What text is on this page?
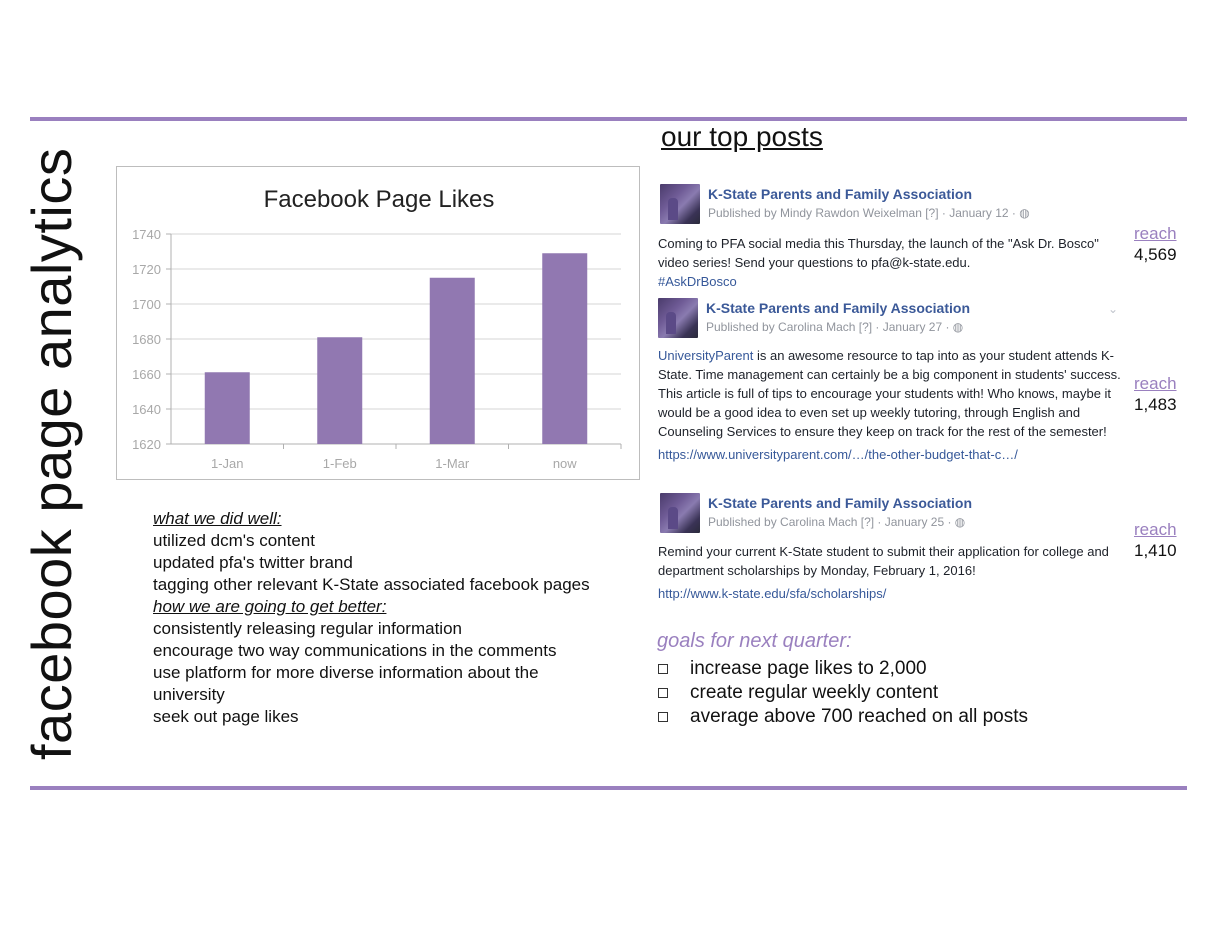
facebook page analytics	Facebook Page Likes
1620
1640
1660
1680
1700
1720
1740
1-Jan	1-Feb	1-Mar	now
what we did well:
utilized dcm's content
updated pfa's twitter brand
tagging other relevant K-State associated facebook pages
how we are going to get better:
consistently releasing regular information
encourage two way communications in the comments
use platform for more diverse information about the university
seek out page likes
our top posts
K-State Parents and Family Association
Published by Mindy Rawdon Weixelman [?] · January 12 · ◍
Coming to PFA social media this Thursday, the launch of the "Ask Dr. Bosco" video series! Send your questions to pfa@k-state.edu.
#AskDrBosco
reach
4,569
K-State Parents and Family Association
Published by Carolina Mach [?] · January 27 · ◍
⌄
UniversityParent is an awesome resource to tap into as your student attends K-State. Time management can certainly be a big component in students' success. This article is full of tips to encourage your students with! Who knows, maybe it would be a good idea to even set up weekly tutoring, through English and Counseling Services to ensure they keep on track for the rest of the semester!
https://www.universityparent.com/…/the-other-budget-that-c…/
reach
1,483
K-State Parents and Family Association
Published by Carolina Mach [?] · January 25 · ◍
Remind your current K-State student to submit their application for college and department scholarships by Monday, February 1, 2016!
http://www.k-state.edu/sfa/scholarships/
reach
1,410
goals for next quarter:
increase page likes to 2,000
create regular weekly content
average above 700 reached on all posts
